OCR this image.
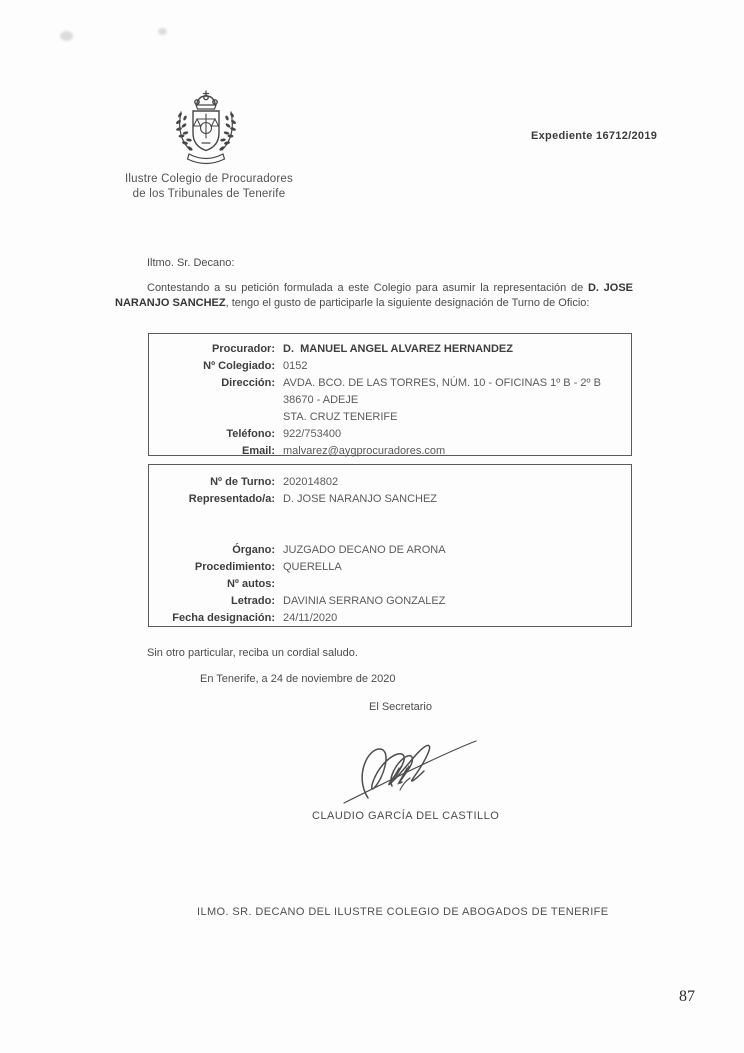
Ilustre Colegio de Procuradores
de los Tribunales de Tenerife
Expediente 16712/2019
Iltmo. Sr. Decano:
Contestando a su petición formulada a este Colegio para asumir la representación de D. JOSE NARANJO SANCHEZ, tengo el gusto de participarle la siguiente designación de Turno de Oficio:
Procurador: D.  MANUEL ANGEL ALVAREZ HERNANDEZ
Nº Colegiado: 0152
Dirección: AVDA. BCO. DE LAS TORRES, NÚM. 10 - OFICINAS 1º B - 2º B
38670 - ADEJE
STA. CRUZ TENERIFE
Teléfono: 922/753400
Email: malvarez@aygprocuradores.com
Nº de Turno: 202014802
Representado/a: D. JOSE NARANJO SANCHEZ
Órgano: JUZGADO DECANO DE ARONA
Procedimiento: QUERELLA
Nº autos:
Letrado: DAVINIA SERRANO GONZALEZ
Fecha designación: 24/11/2020
Sin otro particular, reciba un cordial saludo.
En Tenerife, a 24 de noviembre de 2020
El Secretario
CLAUDIO GARCÍA DEL CASTILLO
ILMO. SR. DECANO DEL ILUSTRE COLEGIO DE ABOGADOS DE TENERIFE
87
